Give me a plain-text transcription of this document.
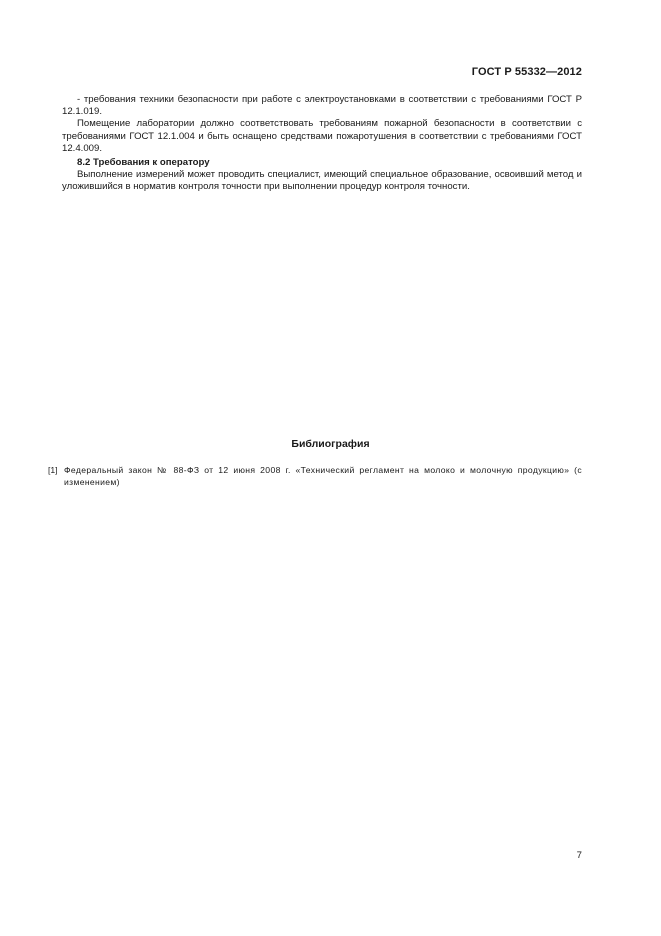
ГОСТ Р 55332—2012

- требования техники безопасности при работе с электроустановками в соответствии с требованиями ГОСТ Р 12.1.019.

Помещение лаборатории должно соответствовать требованиям пожарной безопасности в соответствии с требованиями ГОСТ 12.1.004 и быть оснащено средствами пожаротушения в соответствии с требованиями ГОСТ 12.4.009.

8.2 Требования к оператору

Выполнение измерений может проводить специалист, имеющий специальное образование, освоивший метод и уложившийся в норматив контроля точности при выполнении процедур контроля точности.

Библиография
[1] Федеральный закон № 88-ФЗ от 12 июня 2008 г. «Технический регламент на молоко и молочную продукцию» (с изменением)
7
